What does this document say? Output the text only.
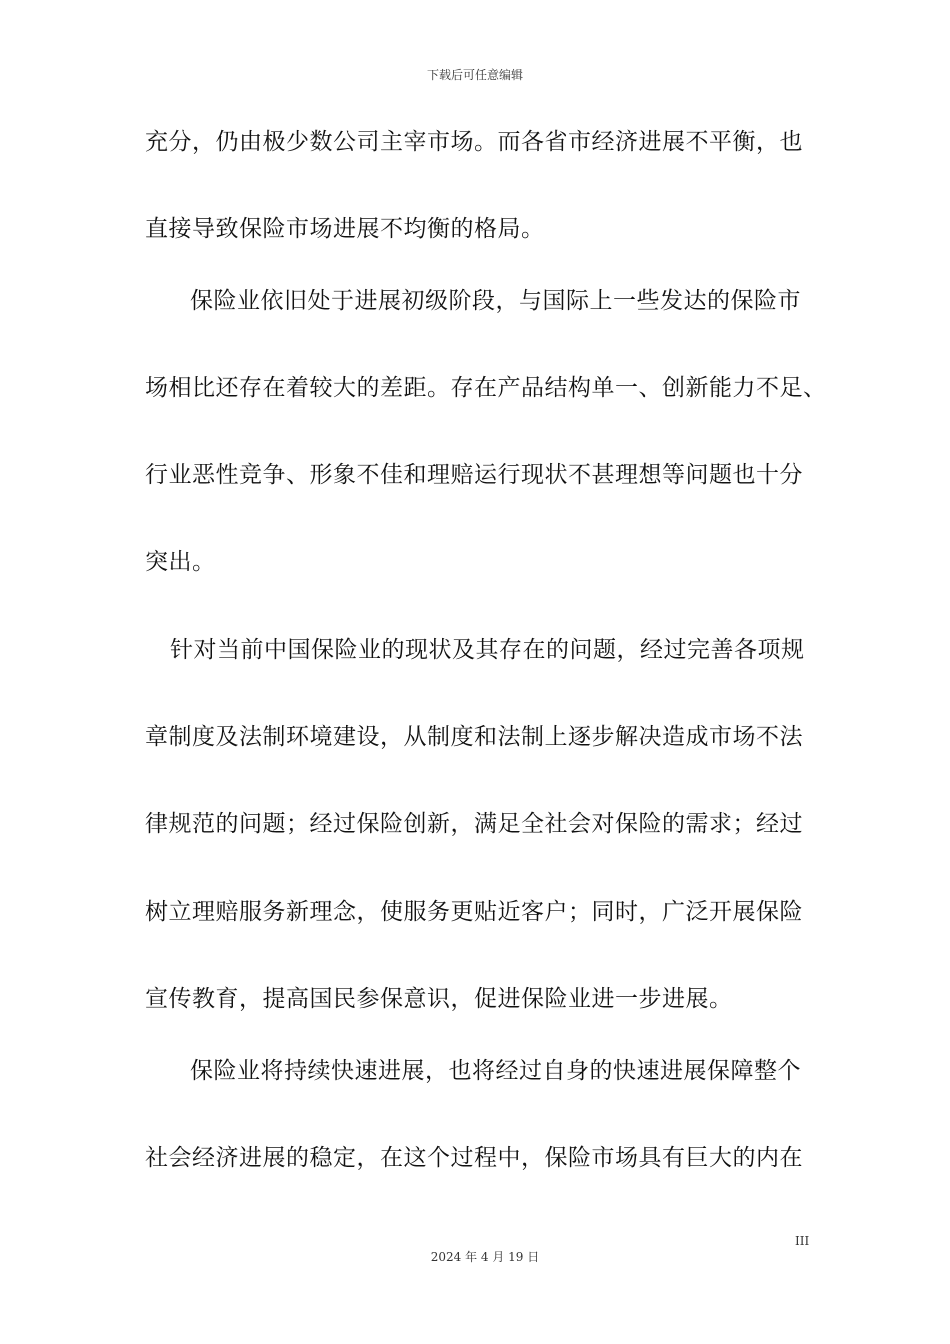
下载后可任意编辑
充分，仍由极少数公司主宰市场。而各省市经济进展不平衡，也
直接导致保险市场进展不均衡的格局。
保险业依旧处于进展初级阶段，与国际上一些发达的保险市
场相比还存在着较大的差距。存在产品结构单一、创新能力不足、
行业恶性竞争、形象不佳和理赔运行现状不甚理想等问题也十分
突出。
针对当前中国保险业的现状及其存在的问题，经过完善各项规
章制度及法制环境建设，从制度和法制上逐步解决造成市场不法
律规范的问题；经过保险创新，满足全社会对保险的需求；经过
树立理赔服务新理念，使服务更贴近客户；同时，广泛开展保险
宣传教育，提高国民参保意识，促进保险业进一步进展。
保险业将持续快速进展，也将经过自身的快速进展保障整个
社会经济进展的稳定，在这个过程中，保险市场具有巨大的内在
III
2024 年 4 月 19 日
